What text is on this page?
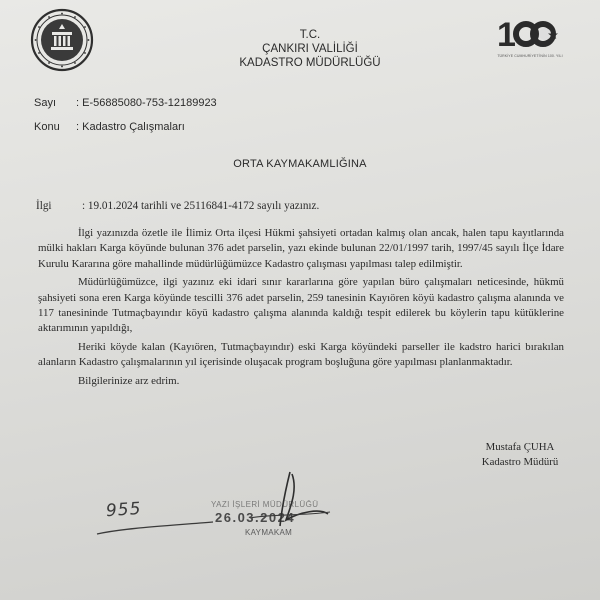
T.C.
ÇANKIRI VALİLİĞİ
KADASTRO MÜDÜRLÜĞÜ
1
TÜRKİYE CUMHURİYETİ'NİN 100. YILI
Sayı : E-56885080-753-12189923
Konu : Kadastro Çalışmaları
ORTA KAYMAKAMLIĞINA
İlgi	: 19.01.2024 tarihli ve 25116841-4172 sayılı yazınız.

İlgi yazınızda özetle ile İlimiz Orta ilçesi Hükmi şahsiyeti ortadan kalmış olan ancak, halen tapu kayıtlarında mülki hakları Karga köyünde bulunan 376 adet parselin, yazı ekinde bulunan 22/01/1997 tarih, 1997/45 sayılı İlçe İdare Kurulu Kararına göre mahallinde müdürlüğümüzce Kadastro çalışması yapılması talep edilmiştir.

Müdürlüğümüzce, ilgi yazınız eki idari sınır kararlarına göre yapılan büro çalışmaları neticesinde, hükmü şahsiyeti sona eren Karga köyünde tescilli 376 adet parselin, 259 tanesinin Kayıören köyü kadastro çalışma alanında ve 117 tanesininde Tutmaçbayındır köyü kadastro çalışma alanında kaldığı tespit edilerek bu köylerin tapu kütüklerine aktarımının yapıldığı,

Heriki köyde kalan (Kayıören, Tutmaçbayındır) eski Karga köyündeki parseller ile kadstro harici bırakılan alanların Kadastro çalışmalarının yıl içerisinde oluşacak program boşluğuna göre yapılması planlanmaktadır.

Bilgilerinize arz edrim.

Mustafa ÇUHA
Kadastro Müdürü
955	YAZI İŞLERİ MÜDÜRLÜĞÜ
26.03.2024
KAYMAKAM
